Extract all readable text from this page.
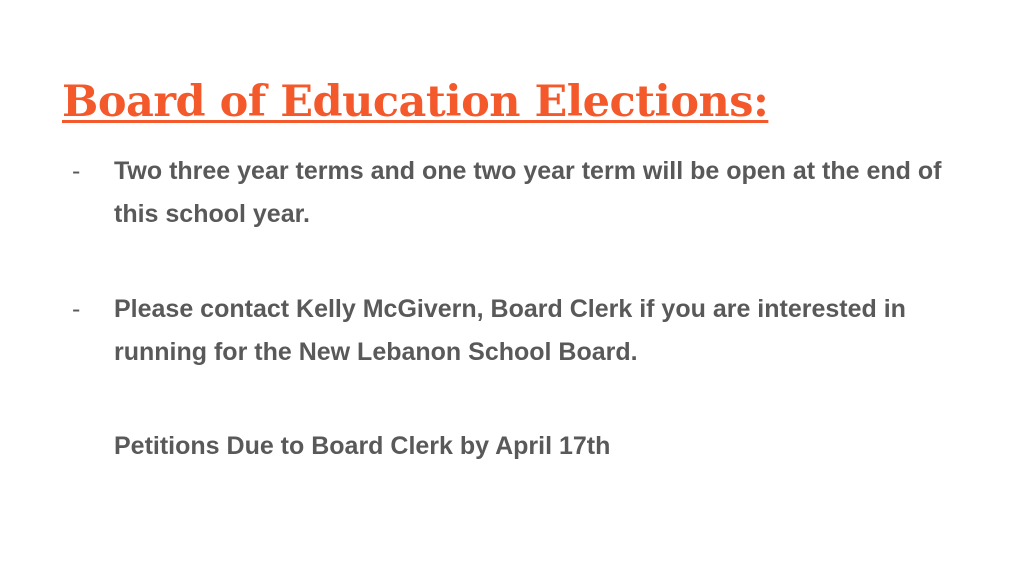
Board of Education Elections:
-	Two three year terms and one two year term will be open at the end of this school year.
-	Please contact Kelly McGivern, Board Clerk if you are interested in running for the New Lebanon School Board.
Petitions Due to Board Clerk by April 17th
